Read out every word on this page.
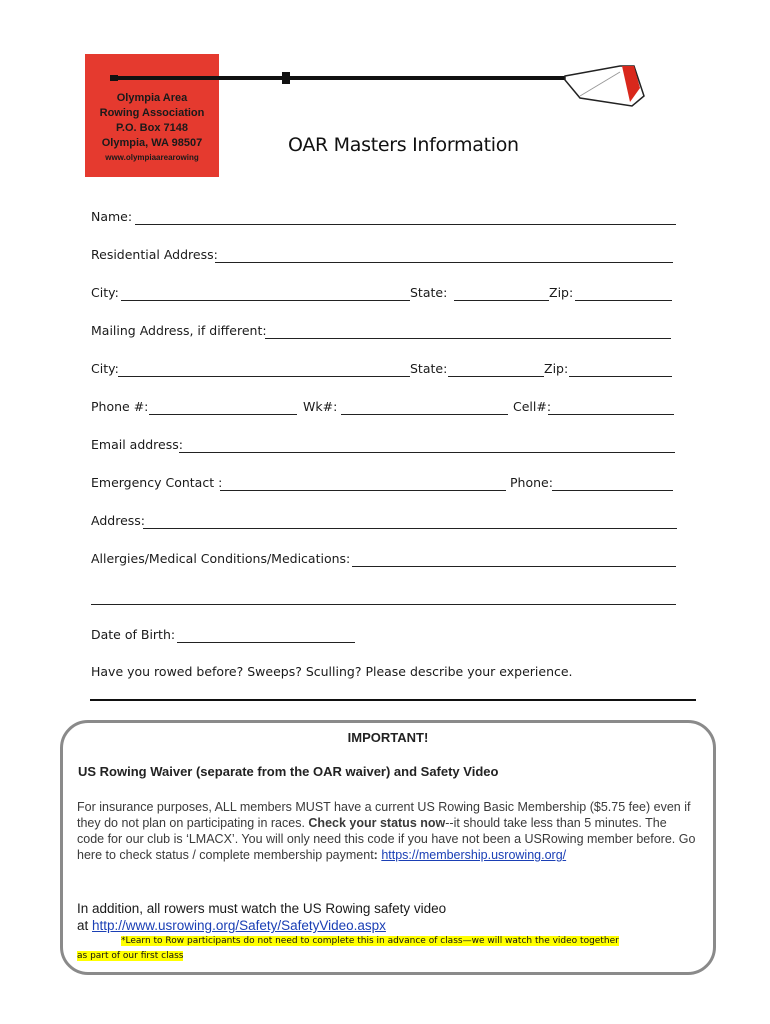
Olympia Area
Rowing Association
P.O. Box 7148
Olympia, WA 98507
www.olympiaarearowing
OAR Masters Information
Name:
Residential Address:
City:	State:	Zip:
Mailing Address, if different:
City:	State:	Zip:
Phone #:	Wk#:	Cell#:
Email address:
Emergency Contact :	Phone:
Address:
Allergies/Medical Conditions/Medications:
Date of Birth:
Have you rowed before? Sweeps? Sculling? Please describe your experience.
IMPORTANT!
US Rowing Waiver (separate from the OAR waiver) and Safety Video
For insurance purposes, ALL members MUST have a current US Rowing Basic Membership ($5.75 fee) even if they do not plan on participating in races. Check your status now--it should take less than 5 minutes. The code for our club is ‘LMACX’. You will only need this code if you have not been a USRowing member before. Go here to check status / complete membership payment: https://membership.usrowing.org/
In addition, all rowers must watch the US Rowing safety video
at http://www.usrowing.org/Safety/SafetyVideo.aspx
*Learn to Row participants do not need to complete this in advance of class—we will watch the video together
as part of our first class
